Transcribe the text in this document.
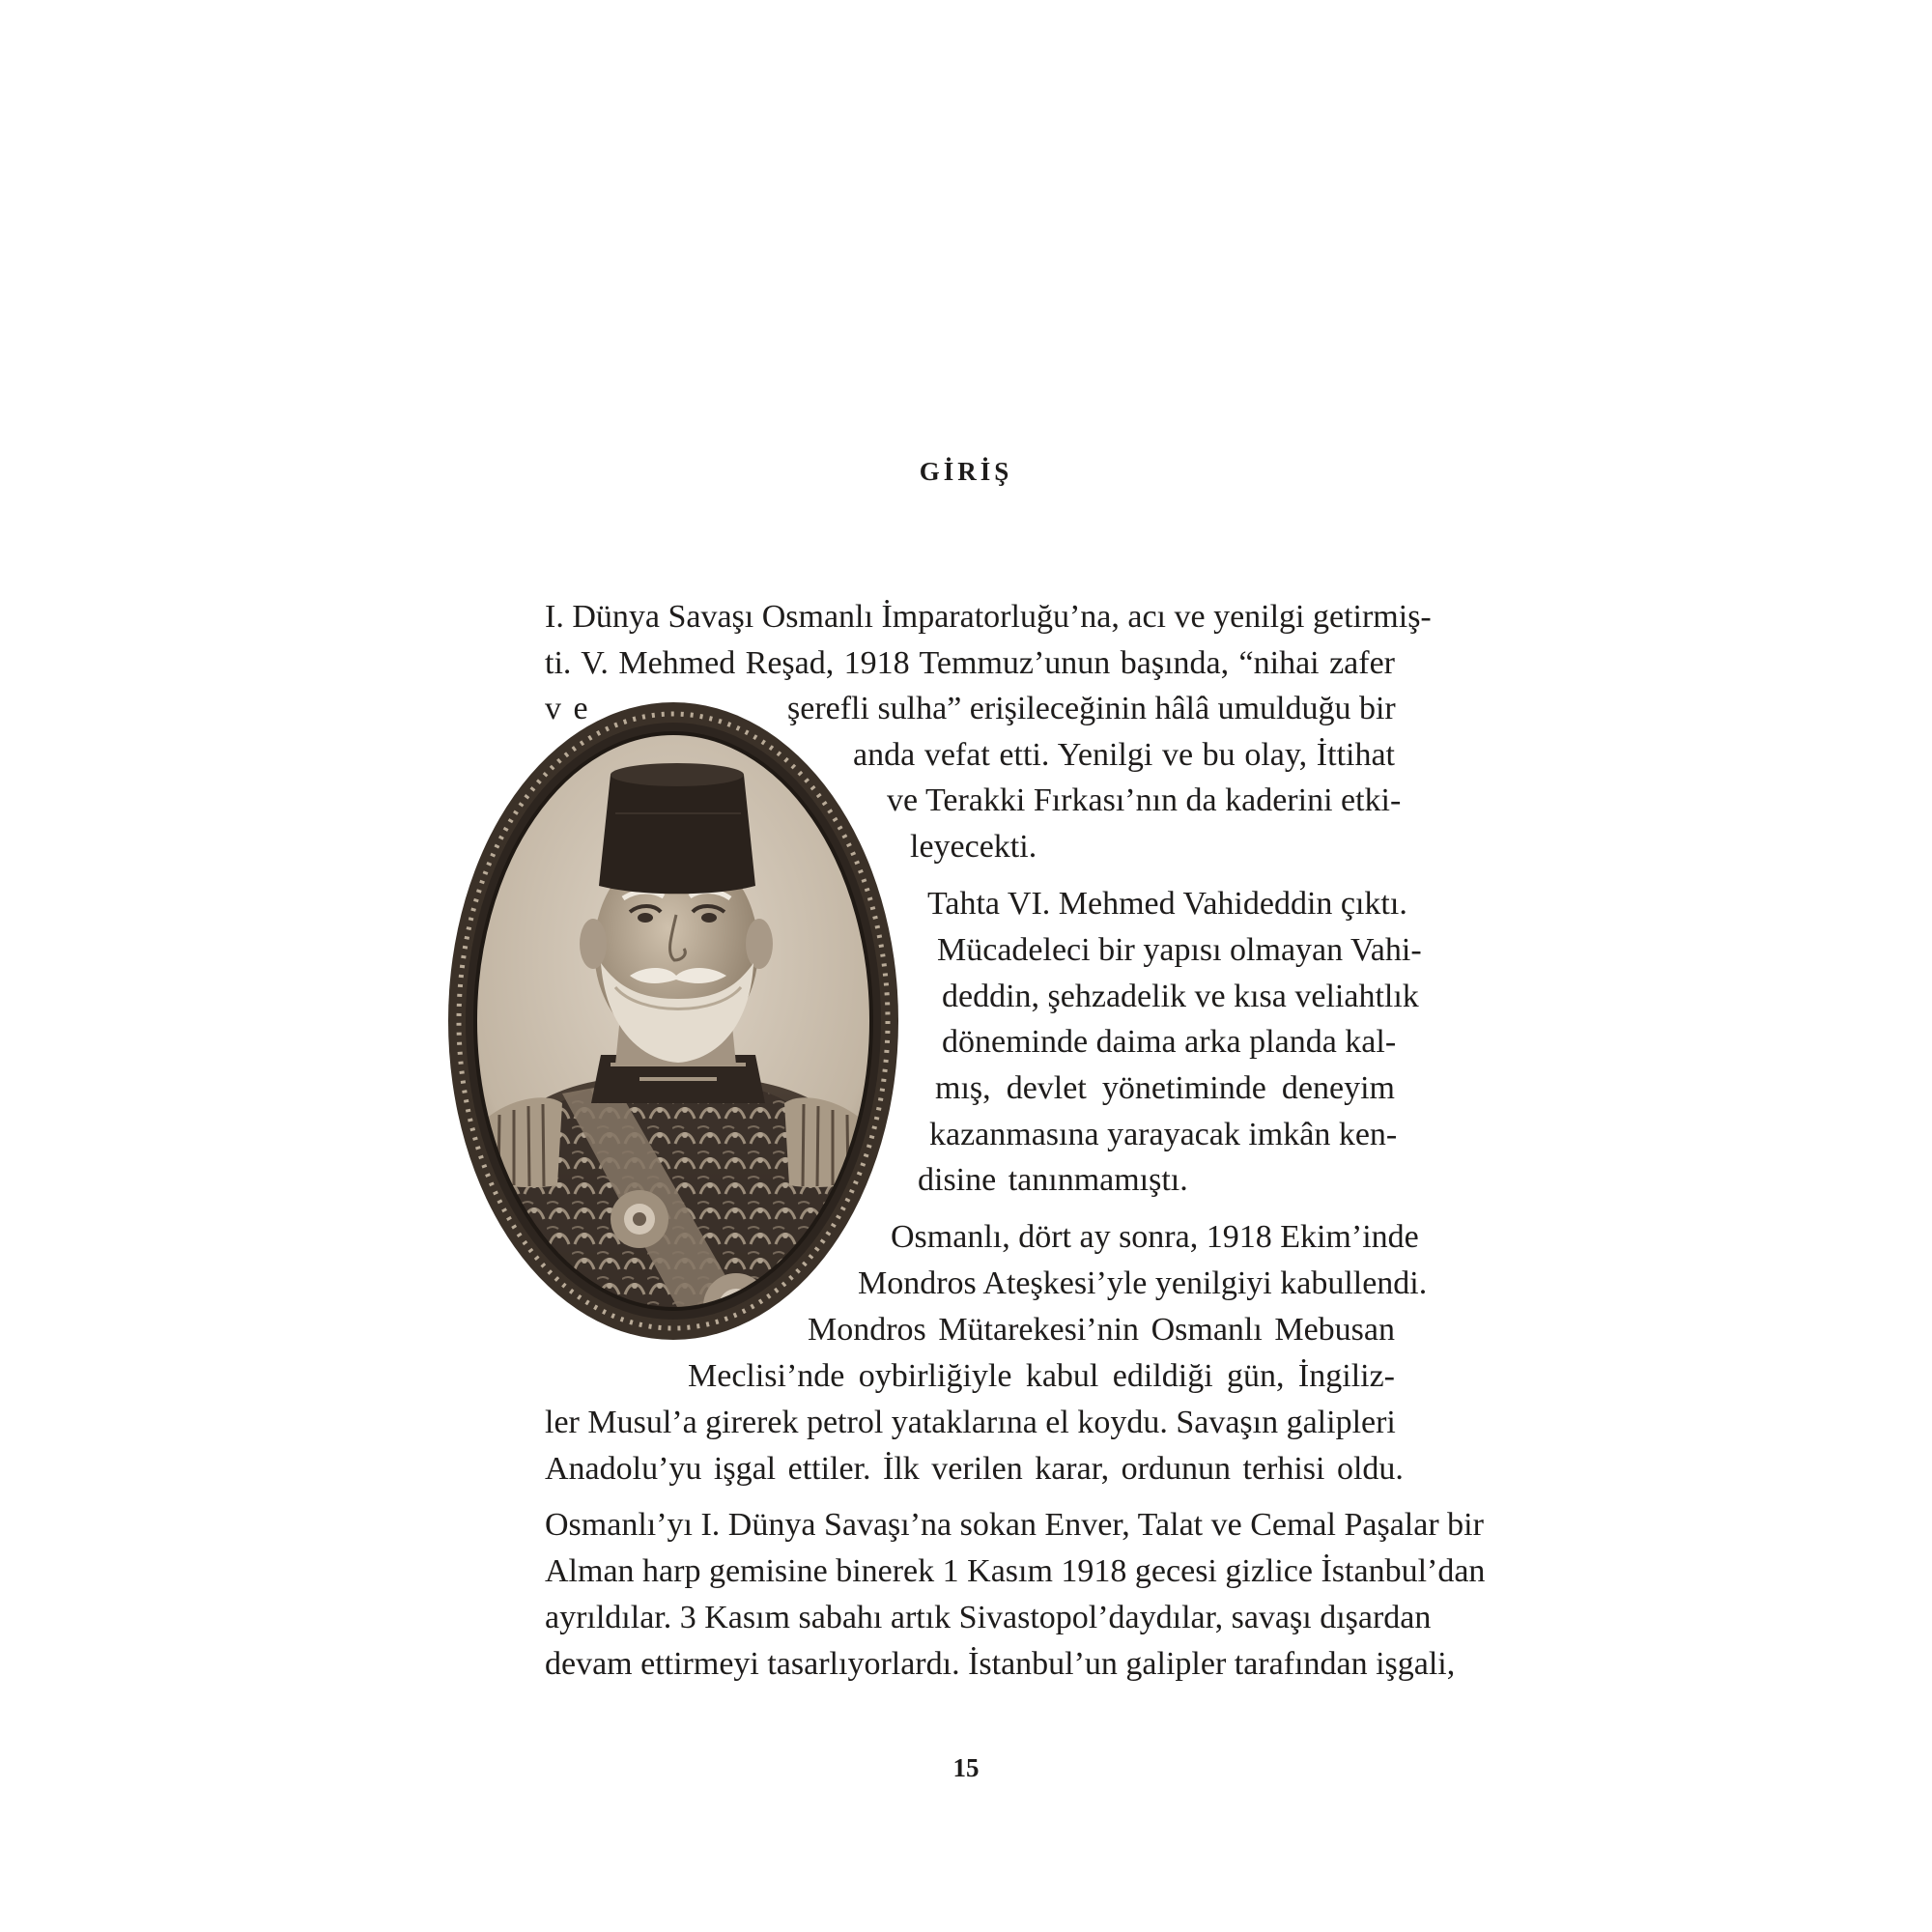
GİRİŞ
I. Dünya Savaşı Osmanlı İmparatorluğu’na, acı ve yenilgi getirmiş-
ti. V. Mehmed Reşad, 1918 Temmuz’unun başında, “nihai zafer
v e	şerefli sulha” erişileceğinin hâlâ umulduğu bir
anda vefat etti. Yenilgi ve bu olay, İttihat
ve Terakki Fırkası’nın da kaderini etki-
leyecekti.
Tahta VI. Mehmed Vahideddin çıktı.
Mücadeleci bir yapısı olmayan Vahi-
deddin, şehzadelik ve kısa veliahtlık
döneminde daima arka planda kal-
mış, devlet yönetiminde deneyim
kazanmasına yarayacak imkân ken-
disine tanınmamıştı.
Osmanlı, dört ay sonra, 1918 Ekim’inde
Mondros Ateşkesi’yle yenilgiyi kabullendi.
Mondros Mütarekesi’nin Osmanlı Mebusan
Meclisi’nde oybirliğiyle kabul edildiği gün, İngiliz-
ler Musul’a girerek petrol yataklarına el koydu. Savaşın galipleri
Anadolu’yu işgal ettiler. İlk verilen karar, ordunun terhisi oldu.
Osmanlı’yı I. Dünya Savaşı’na sokan Enver, Talat ve Cemal Paşalar bir
Alman harp gemisine binerek 1 Kasım 1918 gecesi gizlice İstanbul’dan
ayrıldılar. 3 Kasım sabahı artık Sivastopol’daydılar, savaşı dışardan
devam ettirmeyi tasarlıyorlardı. İstanbul’un galipler tarafından işgali,
15
